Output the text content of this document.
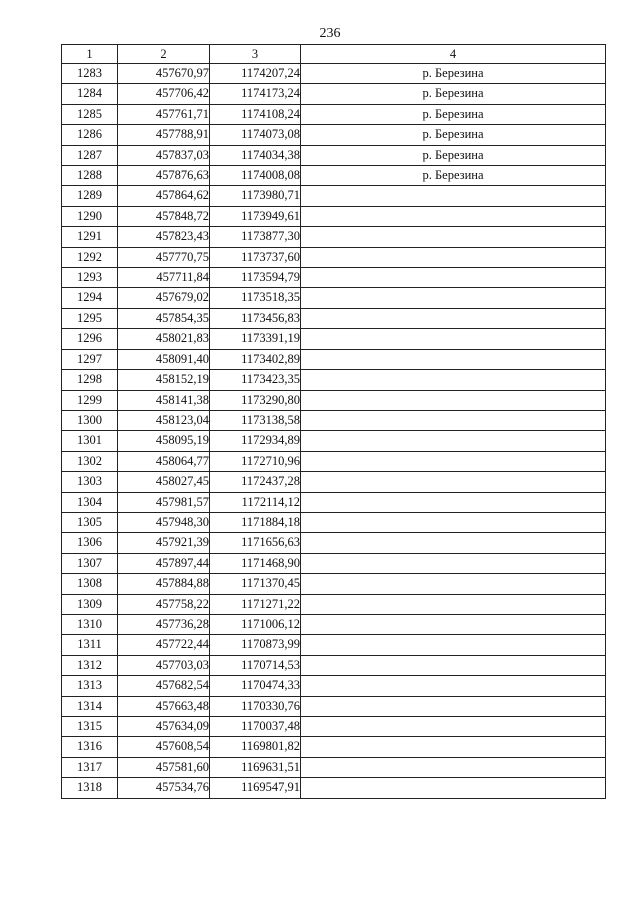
236
1	2	3	4
1283	457670,97	1174207,24	р. Березина
1284	457706,42	1174173,24	р. Березина
1285	457761,71	1174108,24	р. Березина
1286	457788,91	1174073,08	р. Березина
1287	457837,03	1174034,38	р. Березина
1288	457876,63	1174008,08	р. Березина
1289	457864,62	1173980,71	
1290	457848,72	1173949,61	
1291	457823,43	1173877,30	
1292	457770,75	1173737,60	
1293	457711,84	1173594,79	
1294	457679,02	1173518,35	
1295	457854,35	1173456,83	
1296	458021,83	1173391,19	
1297	458091,40	1173402,89	
1298	458152,19	1173423,35	
1299	458141,38	1173290,80	
1300	458123,04	1173138,58	
1301	458095,19	1172934,89	
1302	458064,77	1172710,96	
1303	458027,45	1172437,28	
1304	457981,57	1172114,12	
1305	457948,30	1171884,18	
1306	457921,39	1171656,63	
1307	457897,44	1171468,90	
1308	457884,88	1171370,45	
1309	457758,22	1171271,22	
1310	457736,28	1171006,12	
1311	457722,44	1170873,99	
1312	457703,03	1170714,53	
1313	457682,54	1170474,33	
1314	457663,48	1170330,76	
1315	457634,09	1170037,48	
1316	457608,54	1169801,82	
1317	457581,60	1169631,51	
1318	457534,76	1169547,91	
